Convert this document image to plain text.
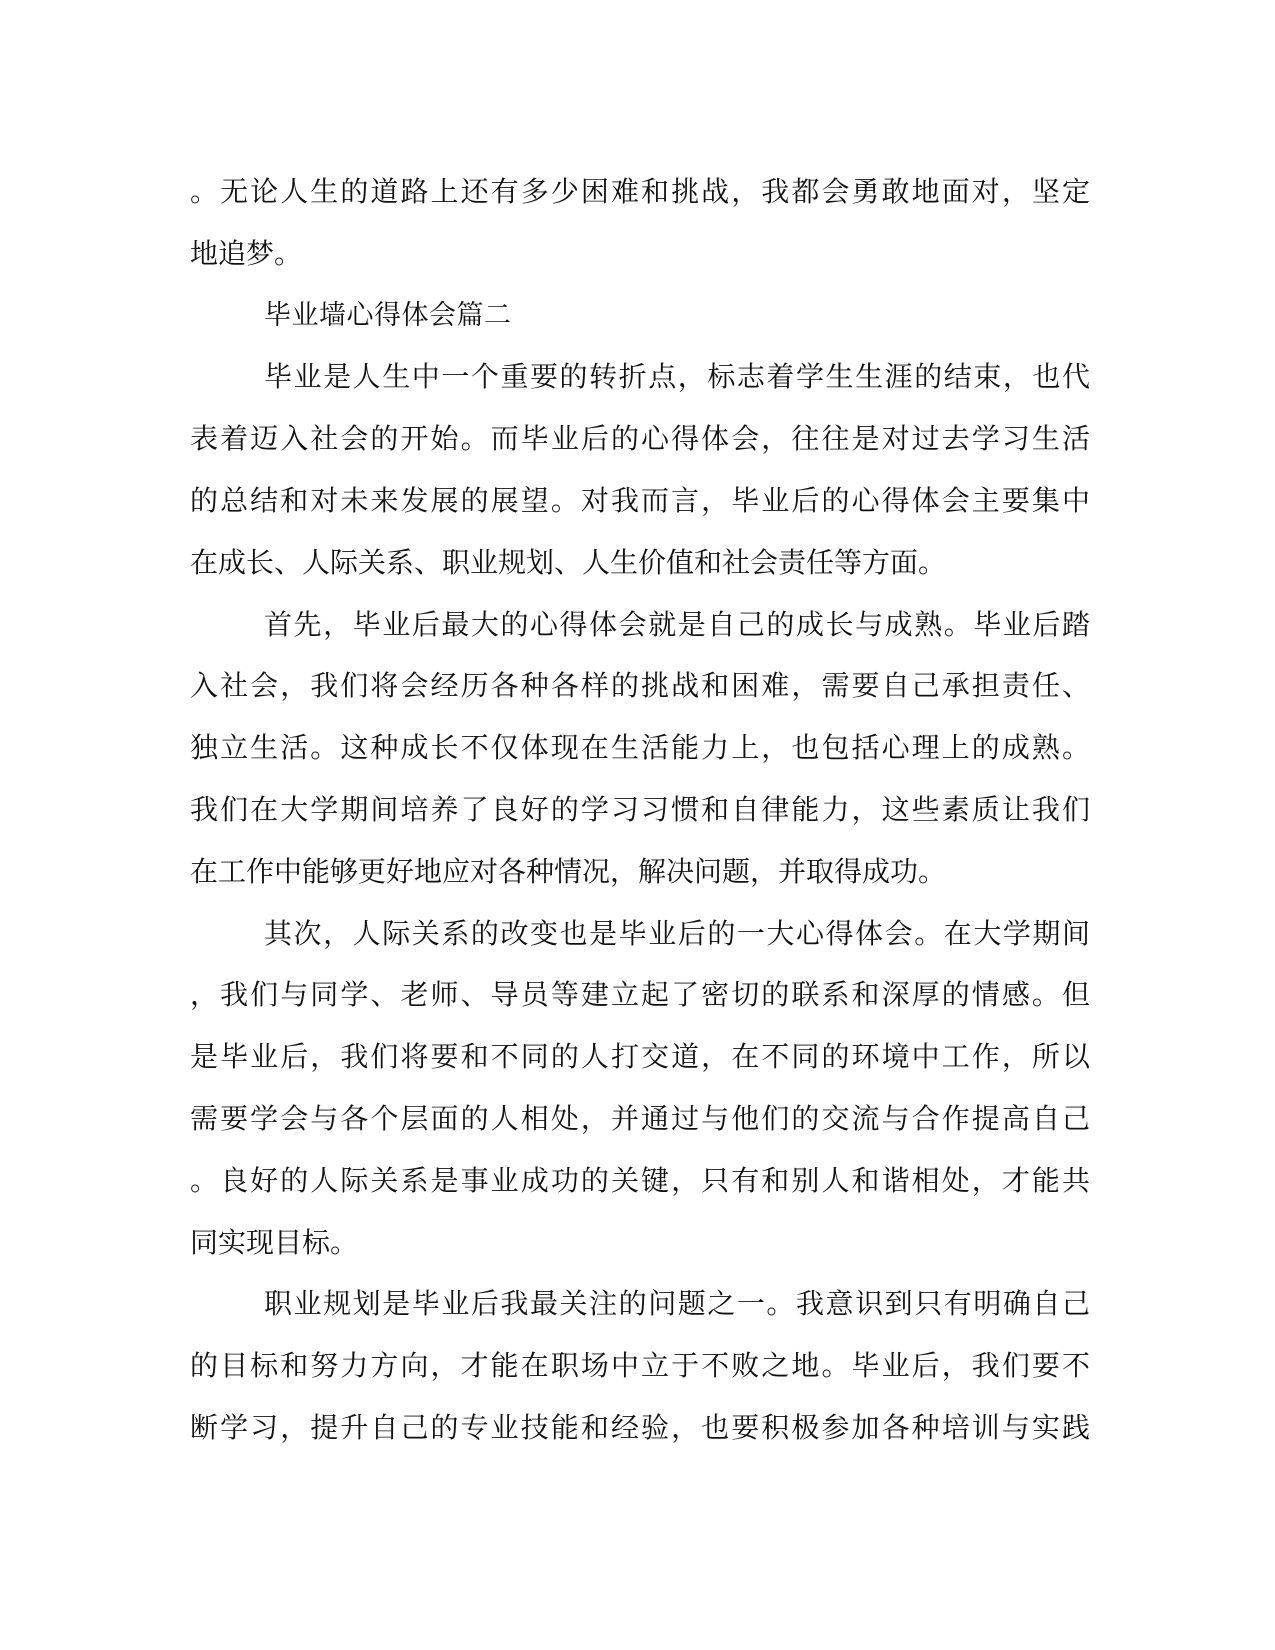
。无论人生的道路上还有多少困难和挑战，我都会勇敢地面对，坚定
地追梦。
毕业墙心得体会篇二
毕业是人生中一个重要的转折点，标志着学生生涯的结束，也代
表着迈入社会的开始。而毕业后的心得体会，往往是对过去学习生活
的总结和对未来发展的展望。对我而言，毕业后的心得体会主要集中
在成长、人际关系、职业规划、人生价值和社会责任等方面。
首先，毕业后最大的心得体会就是自己的成长与成熟。毕业后踏
入社会，我们将会经历各种各样的挑战和困难，需要自己承担责任、
独立生活。这种成长不仅体现在生活能力上，也包括心理上的成熟。
我们在大学期间培养了良好的学习习惯和自律能力，这些素质让我们
在工作中能够更好地应对各种情况，解决问题，并取得成功。
其次，人际关系的改变也是毕业后的一大心得体会。在大学期间
，我们与同学、老师、导员等建立起了密切的联系和深厚的情感。但
是毕业后，我们将要和不同的人打交道，在不同的环境中工作，所以
需要学会与各个层面的人相处，并通过与他们的交流与合作提高自己
。良好的人际关系是事业成功的关键，只有和别人和谐相处，才能共
同实现目标。
职业规划是毕业后我最关注的问题之一。我意识到只有明确自己
的目标和努力方向，才能在职场中立于不败之地。毕业后，我们要不
断学习，提升自己的专业技能和经验，也要积极参加各种培训与实践
